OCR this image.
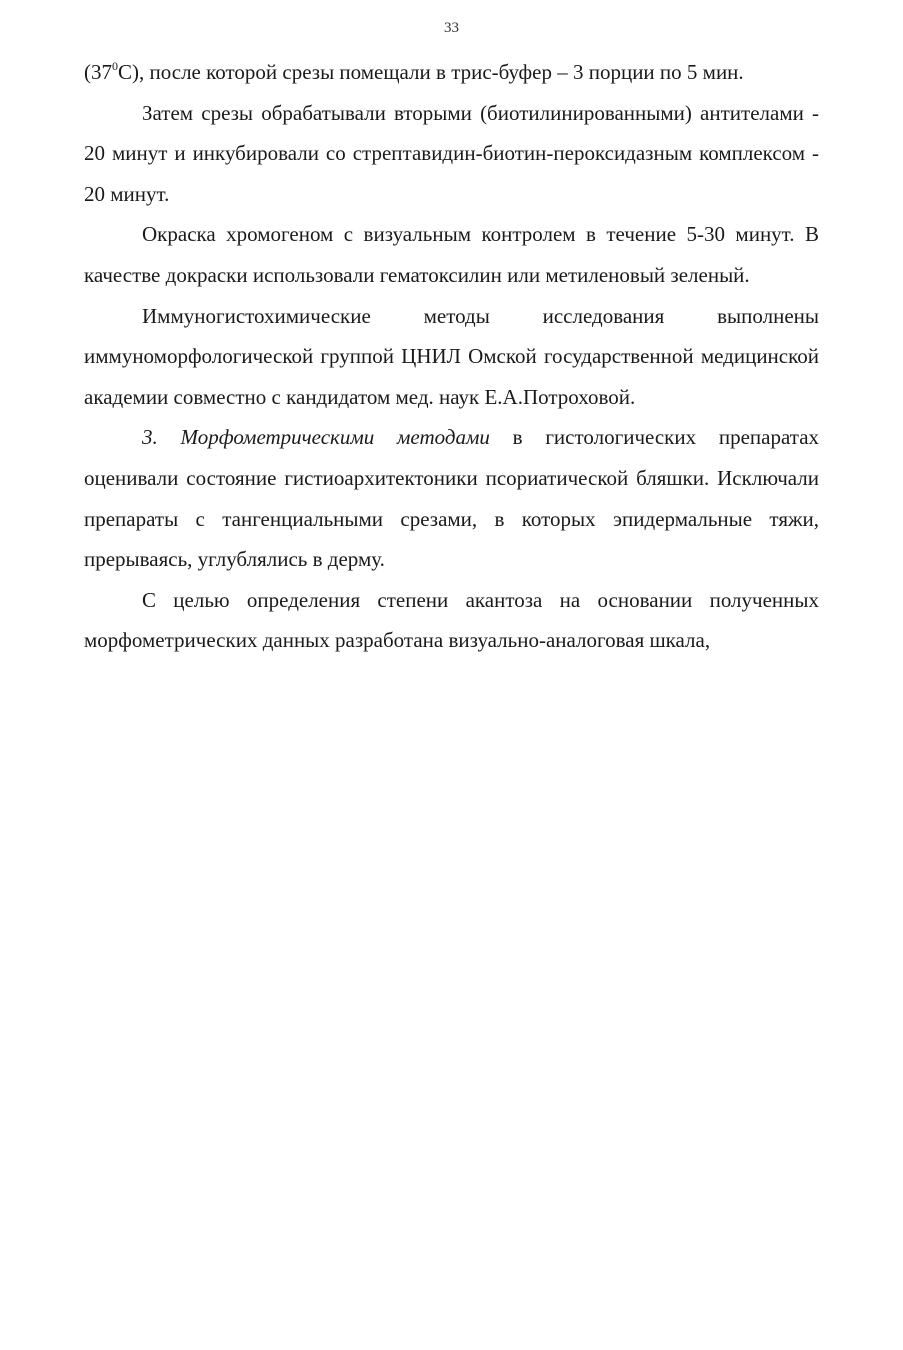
33

$(37^0С)$, после которой срезы помещали в трис-буфер – 3 порции по 5 мин.

Затем срезы обрабатывали вторыми (биотилинированными) антителами - 20 минут и инкубировали со стрептавидин-биотин-пероксидазным комплексом - 20 минут.

Окраска хромогеном с визуальным контролем в течение 5-30 минут. В качестве докраски использовали гематоксилин или метиленовый зеленый.

Иммуногистохимические методы исследования выполнены иммуноморфологической группой ЦНИЛ Омской государственной медицинской академии совместно с кандидатом мед. наук Е.А.Потроховой.

3. Морфометрическими методами в гистологических препаратах оценивали состояние гистиоархитектоники псориатической бляшки. Исключали препараты с тангенциальными срезами, в которых эпидермальные тяжи, прерываясь, углублялись в дерму.

С целью определения степени акантоза на основании полученных морфометрических данных разработана визуально-аналоговая шкала,
